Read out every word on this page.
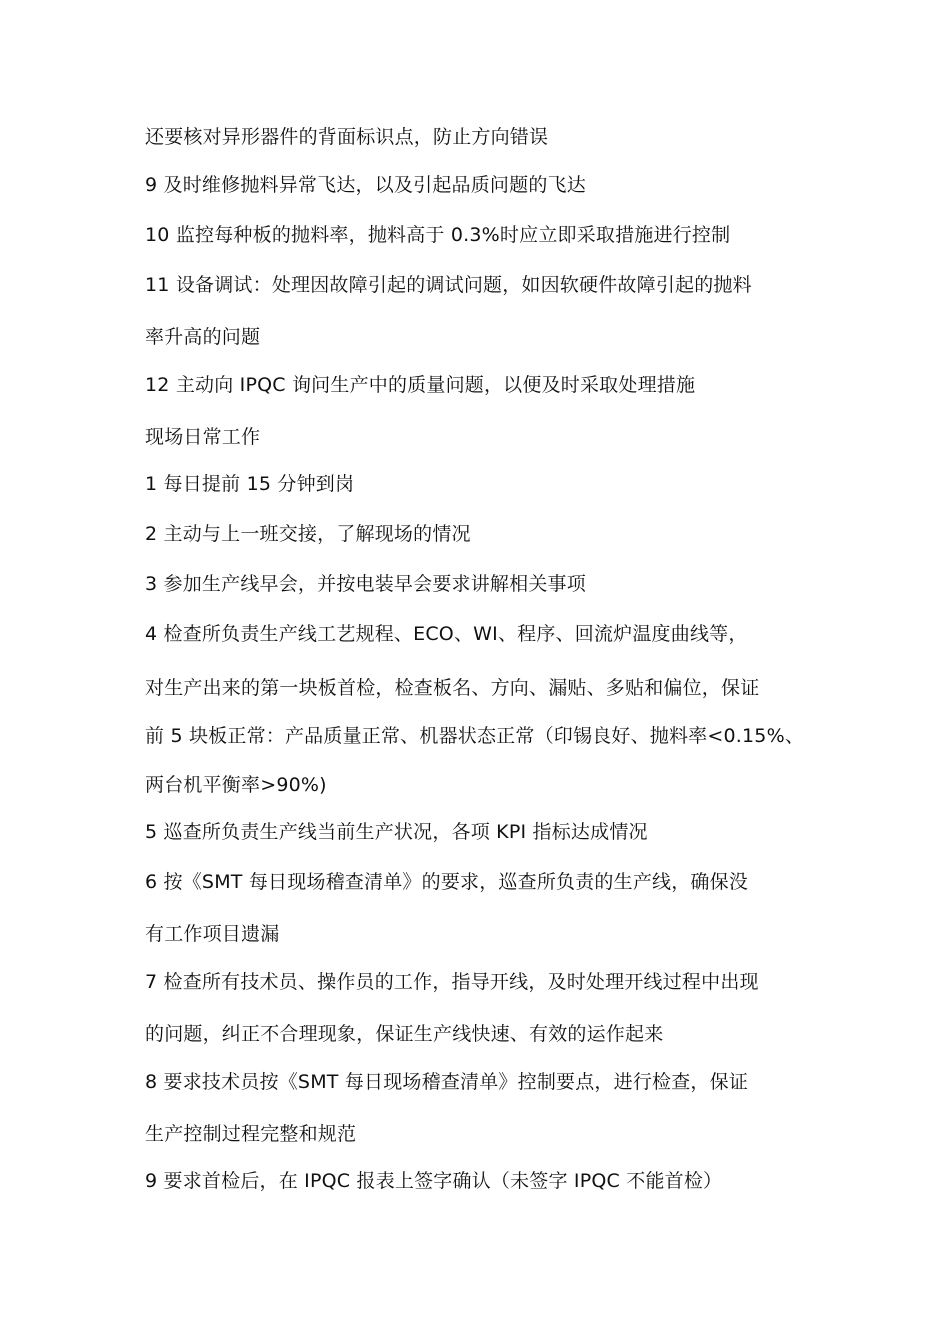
还要核对异形器件的背面标识点，防止方向错误
9 及时维修抛料异常飞达，以及引起品质问题的飞达
10 监控每种板的抛料率，抛料高于 0.3%时应立即采取措施进行控制
11 设备调试：处理因故障引起的调试问题，如因软硬件故障引起的抛料
率升高的问题
12 主动向 IPQC 询问生产中的质量问题，以便及时采取处理措施
现场日常工作
1 每日提前 15 分钟到岗
2 主动与上一班交接，了解现场的情况
3 参加生产线早会，并按电装早会要求讲解相关事项
4 检查所负责生产线工艺规程、ECO、WI、程序、回流炉温度曲线等，
对生产出来的第一块板首检，检查板名、方向、漏贴、多贴和偏位，保证
前 5 块板正常：产品质量正常、机器状态正常（印锡良好、抛料率<0.15%、
两台机平衡率>90%)
5 巡查所负责生产线当前生产状况，各项 KPI 指标达成情况
6 按《SMT 每日现场稽查清单》的要求，巡查所负责的生产线，确保没
有工作项目遗漏
7 检查所有技术员、操作员的工作，指导开线，及时处理开线过程中出现
的问题，纠正不合理现象，保证生产线快速、有效的运作起来
8 要求技术员按《SMT 每日现场稽查清单》控制要点，进行检查，保证
生产控制过程完整和规范
9 要求首检后，在 IPQC 报表上签字确认（未签字 IPQC 不能首检）
